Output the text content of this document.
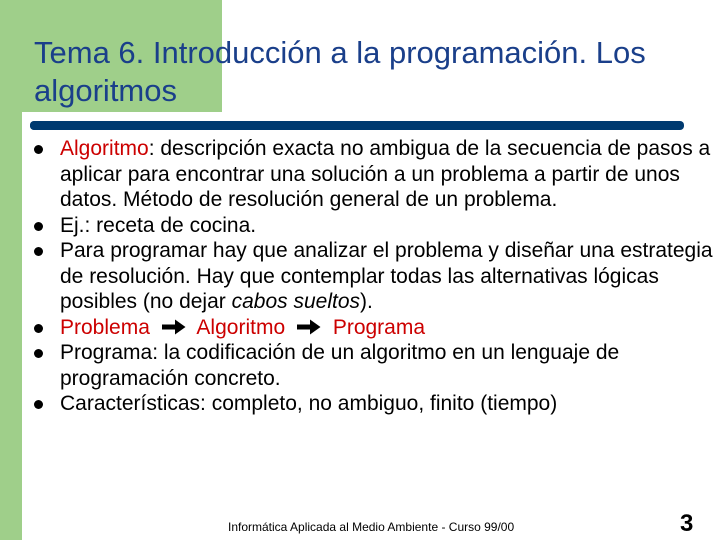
Tema 6. Introducción a la programación. Los algoritmos
Algoritmo: descripción exacta no ambigua de la secuencia de pasos a aplicar para encontrar una solución a un problema a partir de unos datos. Método de resolución general de un problema.
Ej.: receta de cocina.
Para programar hay que analizar el problema y diseñar una estrategia de resolución. Hay que contemplar todas las alternativas lógicas posibles (no dejar cabos sueltos).
Problema Algoritmo Programa
Programa: la codificación de un algoritmo en un lenguaje de programación concreto.
Características: completo, no ambiguo, finito (tiempo)
Informática Aplicada al Medio Ambiente - Curso 99/00	3
